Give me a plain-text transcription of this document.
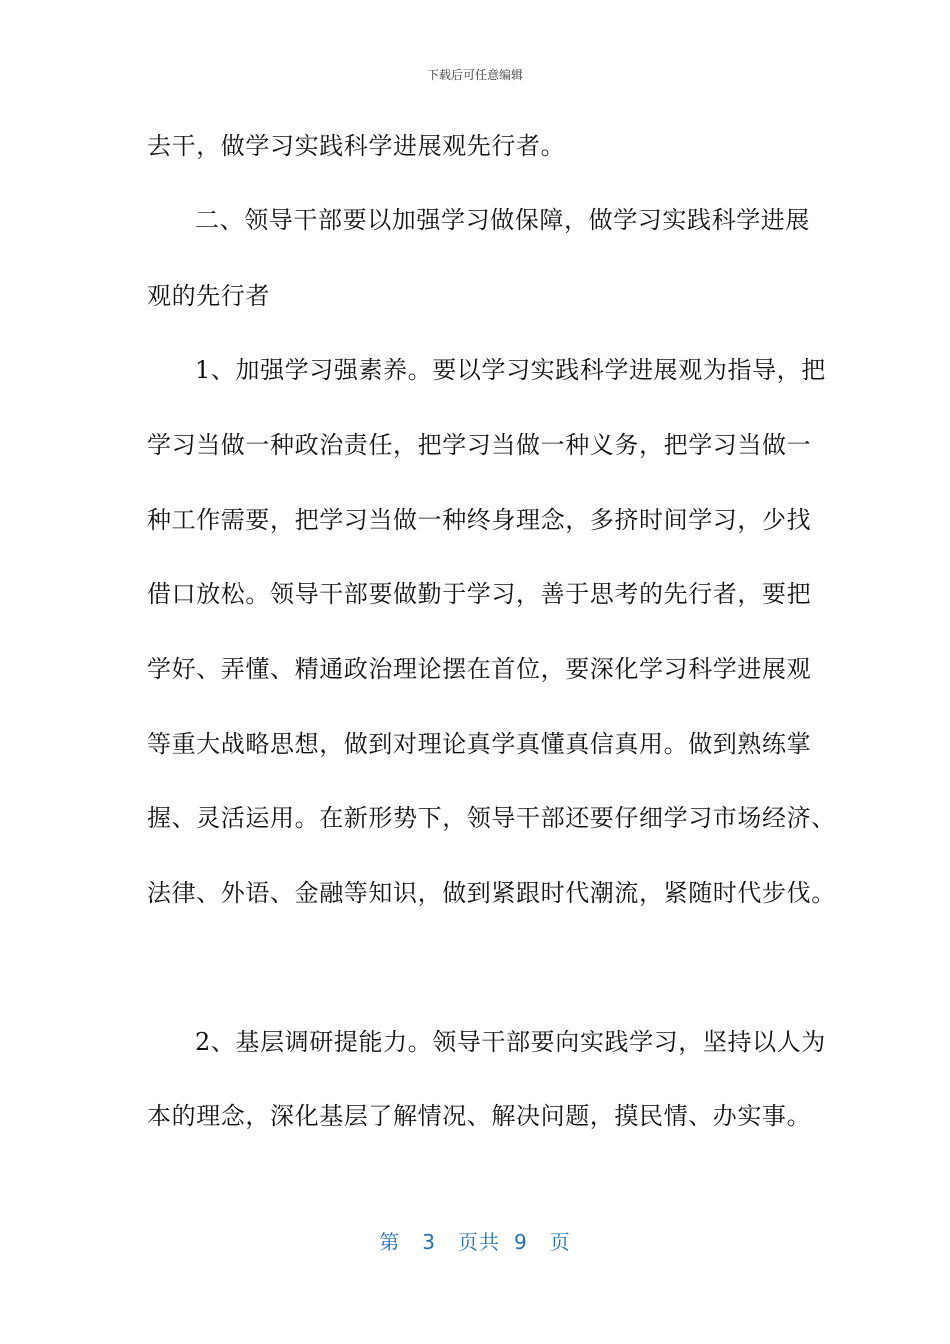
下载后可任意编辑
去干，做学习实践科学进展观先行者。
二、领导干部要以加强学习做保障，做学习实践科学进展
观的先行者
1、加强学习强素养。要以学习实践科学进展观为指导，把
学习当做一种政治责任，把学习当做一种义务，把学习当做一
种工作需要，把学习当做一种终身理念，多挤时间学习，少找
借口放松。领导干部要做勤于学习，善于思考的先行者，要把
学好、弄懂、精通政治理论摆在首位，要深化学习科学进展观
等重大战略思想，做到对理论真学真懂真信真用。做到熟练掌
握、灵活运用。在新形势下，领导干部还要仔细学习市场经济、
法律、外语、金融等知识，做到紧跟时代潮流，紧随时代步伐。
2、基层调研提能力。领导干部要向实践学习，坚持以人为
本的理念，深化基层了解情况、解决问题，摸民情、办实事。
第 3 页共 9 页
